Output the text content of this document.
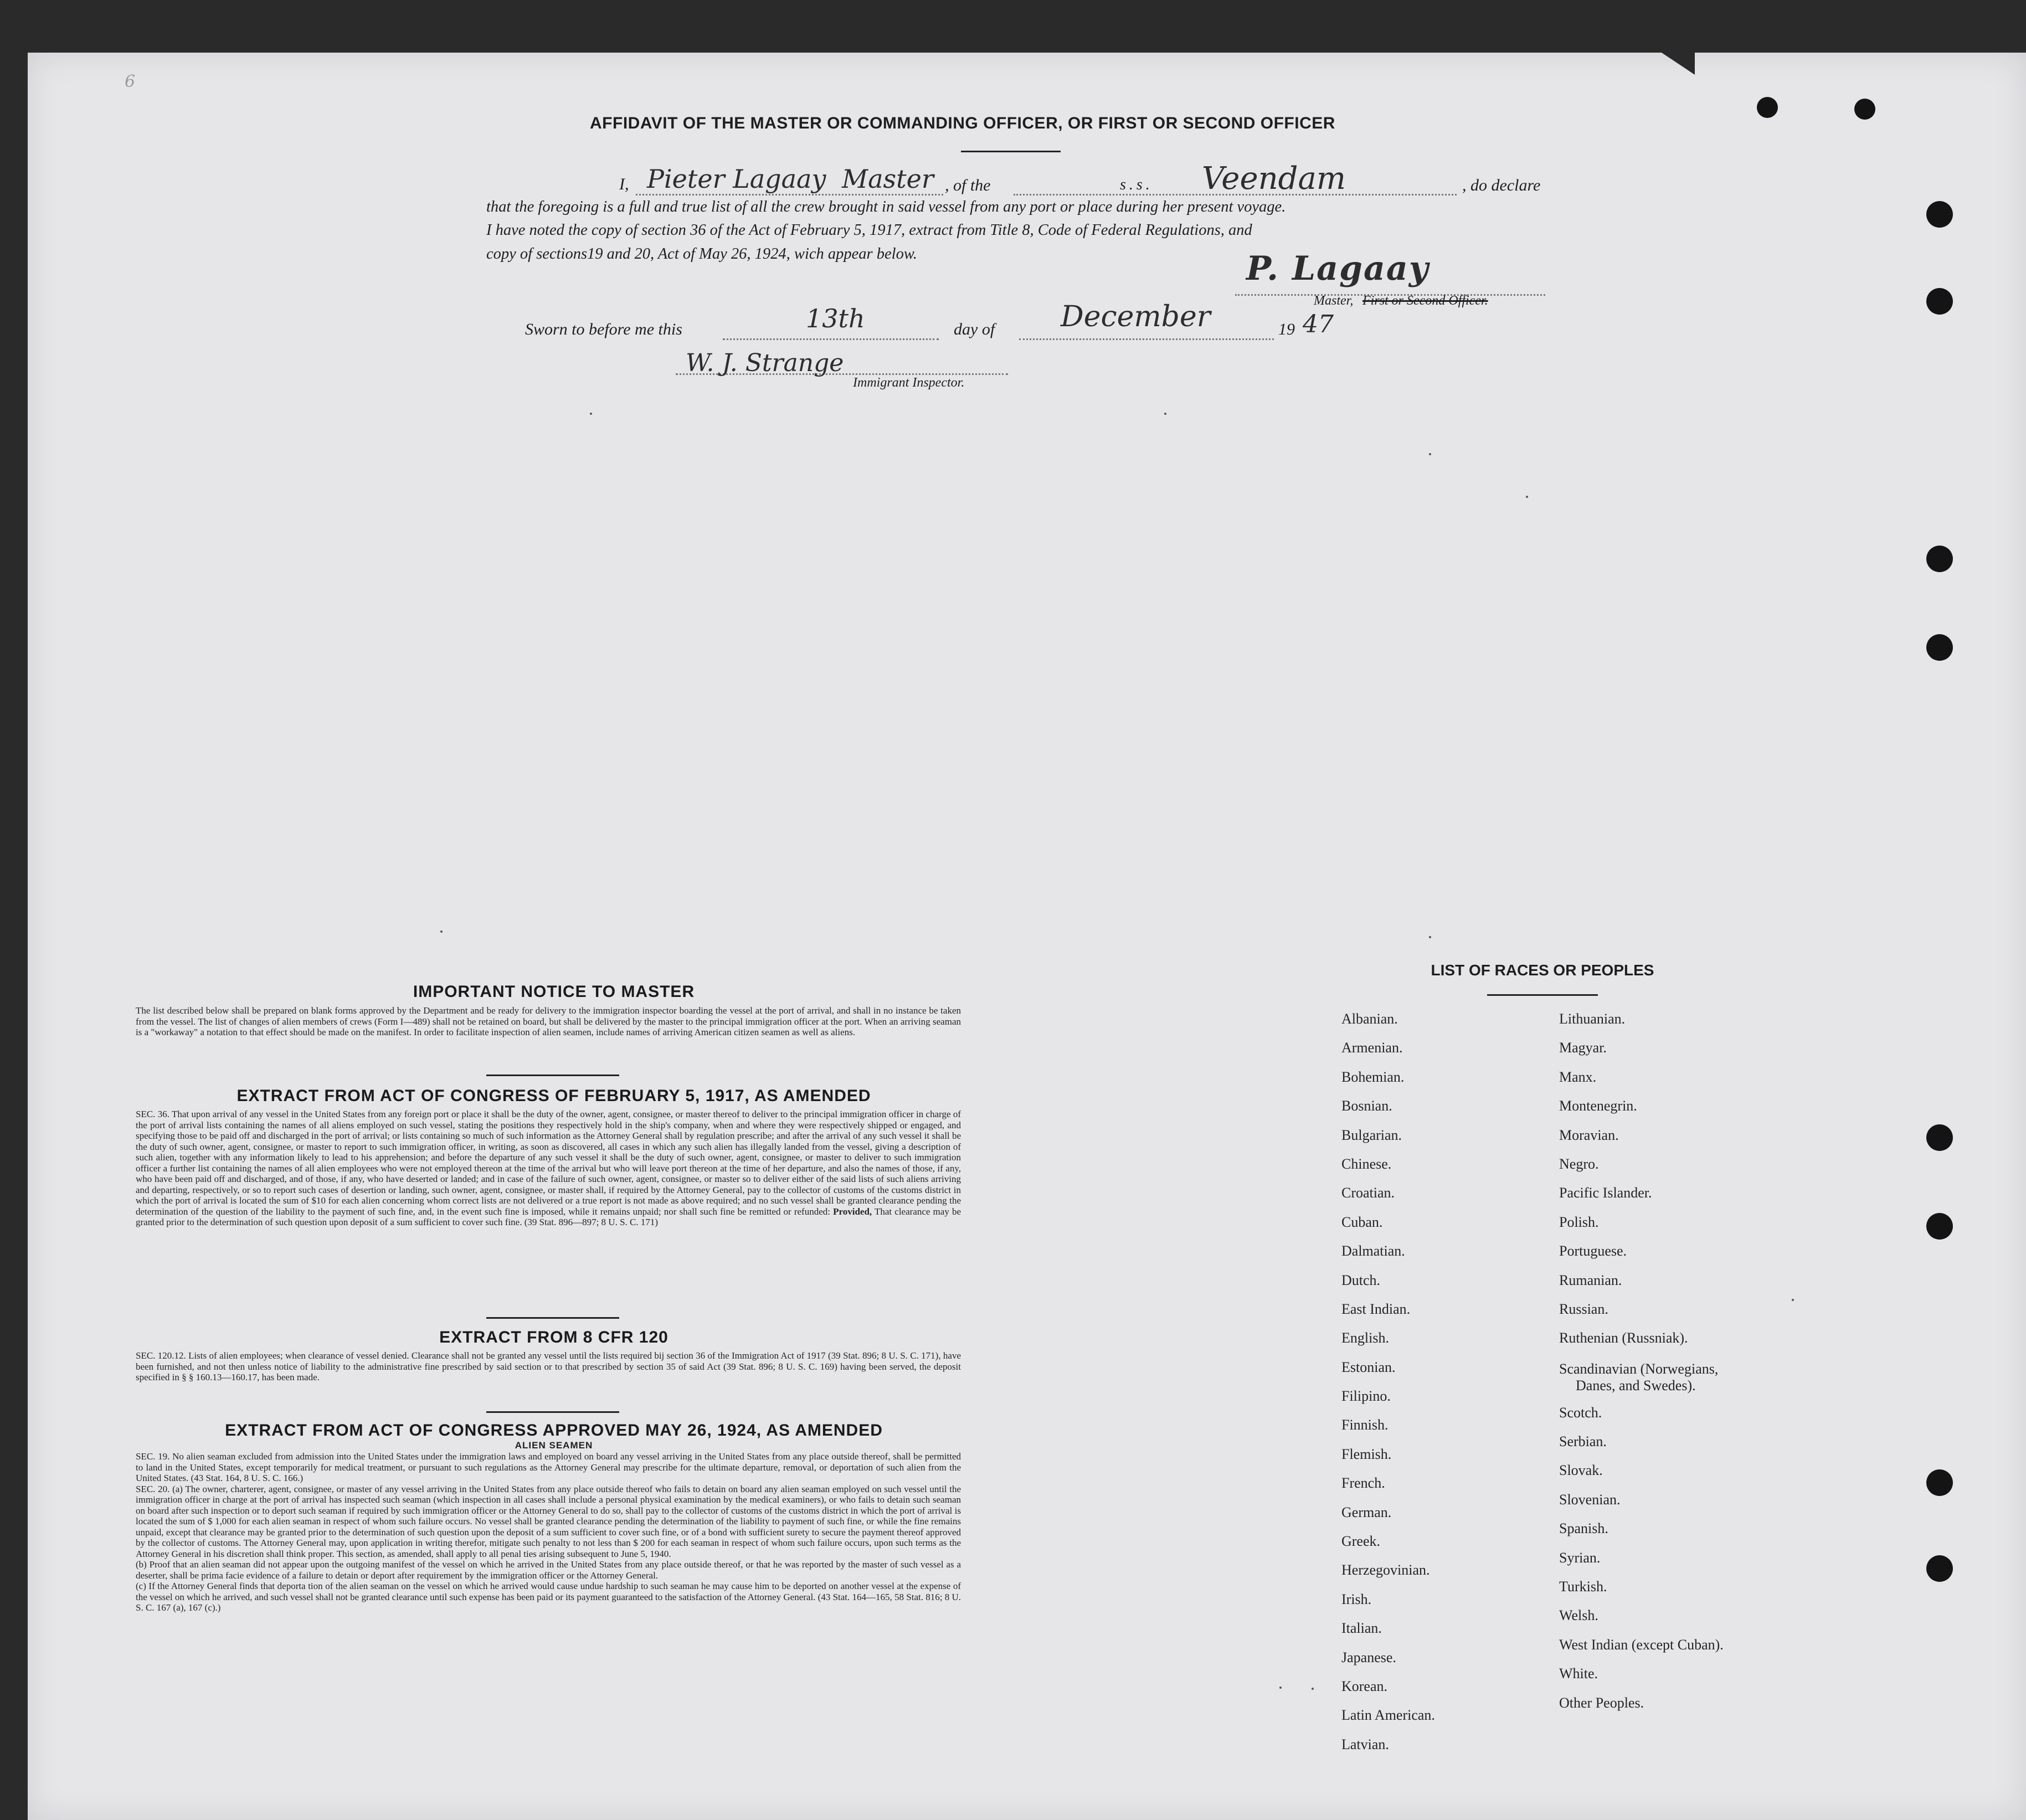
6
AFFIDAVIT OF THE MASTER OR COMMANDING OFFICER, OR FIRST OR SECOND OFFICER
I, Pieter Lagaay Master , of the	s.s. Veendam	, do declare
that the foregoing is a full and true list of all the crew brought in said vessel from any port or place during her present voyage.
I have noted the copy of section 36 of the Act of February 5, 1917, extract from Title 8, Code of Federal Regulations, and
copy of sections19 and 20, Act of May 26, 1924, wich appear below.	P. Lagaay
Master, First or Second Officer.
Sworn to before me this	13th	day of December	19 47
W. J. Strange
Immigrant Inspector.
IMPORTANT NOTICE TO MASTER
The list described below shall be prepared on blank forms approved by the Department and be ready for delivery to the immigration inspector boarding the vessel at the port of arrival, and shall in no instance be taken from the vessel. The list of changes of alien members of crews (Form I—489) shall not be retained on board, but shall be delivered by the master to the principal immigration officer at the port. When an arriving seaman is a "workaway" a notation to that effect should be made on the manifest. In order to facilitate inspection of alien seamen, include names of arriving American citizen seamen as well as aliens.
EXTRACT FROM ACT OF CONGRESS OF FEBRUARY 5, 1917, AS AMENDED
SEC. 36. That upon arrival of any vessel in the United States from any foreign port or place it shall be the duty of the owner, agent, consignee, or master thereof to deliver to the principal immigration officer in charge of the port of arrival lists containing the names of all aliens employed on such vessel, stating the positions they respectively hold in the ship's company, when and where they were respectively shipped or engaged, and specifying those to be paid off and discharged in the port of arrival; or lists containing so much of such information as the Attorney General shall by regulation prescribe; and after the arrival of any such vessel it shall be the duty of such owner, agent, consignee, or master to report to such immigration officer, in writing, as soon as discovered, all cases in which any such alien has illegally landed from the vessel, giving a description of such alien, together with any information likely to lead to his apprehension; and before the departure of any such vessel it shall be the duty of such owner, agent, consignee, or master to deliver to such immigration officer a further list containing the names of all alien employees who were not employed thereon at the time of the arrival but who will leave port thereon at the time of her departure, and also the names of those, if any, who have been paid off and discharged, and of those, if any, who have deserted or landed; and in case of the failure of such owner, agent, consignee, or master so to deliver either of the said lists of such aliens arriving and departing, respectively, or so to report such cases of desertion or landing, such owner, agent, consignee, or master shall, if required by the Attorney General, pay to the collector of customs of the customs district in which the port of arrival is located the sum of $10 for each alien concerning whom correct lists are not delivered or a true report is not made as above required; and no such vessel shall be granted clearance pending the determination of the question of the liability to the payment of such fine, and, in the event such fine is imposed, while it remains unpaid; nor shall such fine be remitted or refunded: Provided, That clearance may be granted prior to the determination of such question upon deposit of a sum sufficient to cover such fine. (39 Stat. 896—897; 8 U. S. C. 171)
EXTRACT FROM 8 CFR 120
SEC. 120.12. Lists of alien employees; when clearance of vessel denied. Clearance shall not be granted any vessel until the lists required bij section 36 of the Immigration Act of 1917 (39 Stat. 896; 8 U. S. C. 171), have been furnished, and not then unless notice of liability to the administrative fine prescribed by said section or to that prescribed by section 35 of said Act (39 Stat. 896; 8 U. S. C. 169) having been served, the deposit specified in § § 160.13—160.17, has been made.
EXTRACT FROM ACT OF CONGRESS APPROVED MAY 26, 1924, AS AMENDED
ALIEN SEAMEN
SEC. 19. No alien seaman excluded from admission into the United States under the immigration laws and employed on board any vessel arriving in the United States from any place outside thereof, shall be permitted to land in the United States, except temporarily for medical treatment, or pursuant to such regulations as the Attorney General may prescribe for the ultimate departure, removal, or deportation of such alien from the United States. (43 Stat. 164, 8 U. S. C. 166.)
SEC. 20. (a) The owner, charterer, agent, consignee, or master of any vessel arriving in the United States from any place outside thereof who fails to detain on board any alien seaman employed on such vessel until the immigration officer in charge at the port of arrival has inspected such seaman (which inspection in all cases shall include a personal physical examination by the medical examiners), or who fails to detain such seaman on board after such inspection or to deport such seaman if required by such immigration officer or the Attorney General to do so, shall pay to the collector of customs of the customs district in which the port of arrival is located the sum of $ 1,000 for each alien seaman in respect of whom such failure occurs. No vessel shall be granted clearance pending the determination of the liability to payment of such fine, or while the fine remains unpaid, except that clearance may be granted prior to the determination of such question upon the deposit of a sum sufficient to cover such fine, or of a bond with sufficient surety to secure the payment thereof approved by the collector of customs. The Attorney General may, upon application in writing therefor, mitigate such penalty to not less than $ 200 for each seaman in respect of whom such failure occurs, upon such terms as the Attorney General in his discretion shall think proper. This section, as amended, shall apply to all penal ties arising subsequent to June 5, 1940.
(b) Proof that an alien seaman did not appear upon the outgoing manifest of the vessel on which he arrived in the United States from any place outside thereof, or that he was reported by the master of such vessel as a deserter, shall be prima facie evidence of a failure to detain or deport after requirement by the immigration officer or the Attorney General.
(c) If the Attorney General finds that deporta tion of the alien seaman on the vessel on which he arrived would cause undue hardship to such seaman he may cause him to be deported on another vessel at the expense of the vessel on which he arrived, and such vessel shall not be granted clearance until such expense has been paid or its payment guaranteed to the satisfaction of the Attorney General. (43 Stat. 164—165, 58 Stat. 816; 8 U. S. C. 167 (a), 167 (c).)
LIST OF RACES OR PEOPLES
Albanian.
Armenian.
Bohemian.
Bosnian.
Bulgarian.
Chinese.
Croatian.
Cuban.
Dalmatian.
Dutch.
East Indian.
English.
Estonian.
Filipino.
Finnish.
Flemish.
French.
German.
Greek.
Herzegovinian.
Irish.
Italian.
Japanese.
Korean.
Latin American.
Latvian.
Lithuanian.
Magyar.
Manx.
Montenegrin.
Moravian.
Negro.
Pacific Islander.
Polish.
Portuguese.
Rumanian.
Russian.
Ruthenian (Russniak).
Scandinavian (Norwegians,
Danes, and Swedes).
Scotch.
Serbian.
Slovak.
Slovenian.
Spanish.
Syrian.
Turkish.
Welsh.
West Indian (except Cuban).
White.
Other Peoples.
